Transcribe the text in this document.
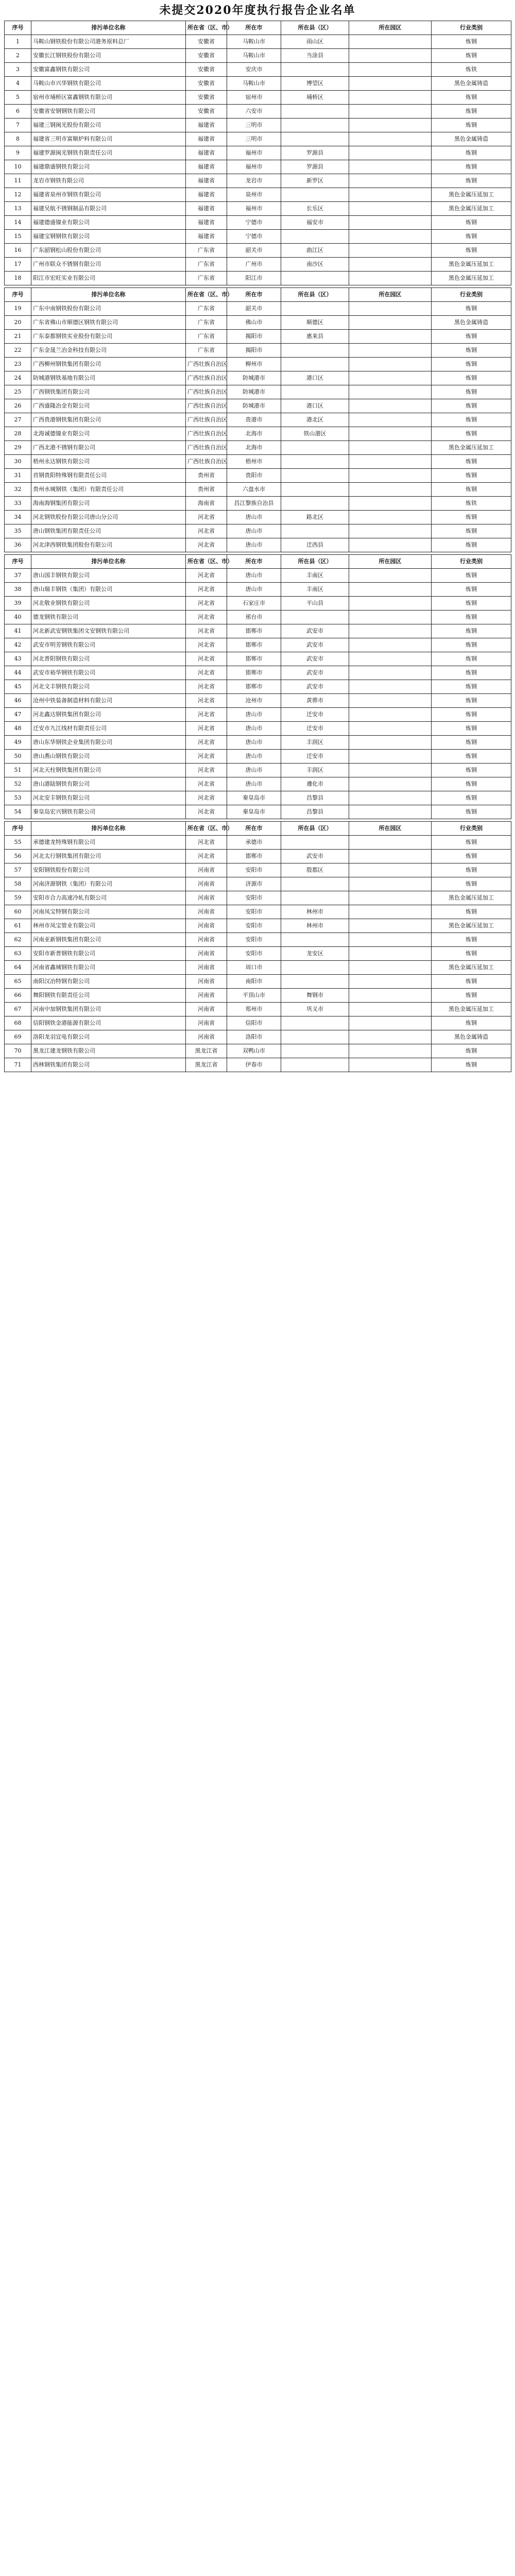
未提交2020年度执行报告企业名单
序号	排污单位名称	所在省（区、市）	所在市	所在县（区）	所在园区	行业类别
1	马鞍山钢铁股份有限公司港务原料总厂	安徽省	马鞍山市	雨山区		炼钢
2	安徽长江钢铁股份有限公司	安徽省	马鞍山市	当涂县		炼钢
3	安徽富鑫钢铁有限公司	安徽省	安庆市			炼铁
4	马鞍山市兴华钢铁有限公司	安徽省	马鞍山市	博望区		黑色金属铸造
5	宿州市埇桥区富鑫钢铁有限公司	安徽省	宿州市	埇桥区		炼钢
6	安徽省安钢钢铁有限公司	安徽省	六安市			炼钢
7	福建三钢闽光股份有限公司	福建省	三明市			炼钢
8	福建省三明市富顺炉料有限公司	福建省	三明市			黑色金属铸造
9	福建罗源闽光钢铁有限责任公司	福建省	福州市	罗源县		炼钢
10	福建鼎盛钢铁有限公司	福建省	福州市	罗源县		炼钢
11	龙岩市钢铁有限公司	福建省	龙岩市	新罗区		炼钢
12	福建省泉州市钢铁有限公司	福建省	泉州市			黑色金属压延加工
13	福建吴航不锈钢制品有限公司	福建省	福州市	长乐区		黑色金属压延加工
14	福建德盛镍业有限公司	福建省	宁德市	福安市		炼钢
15	福建宝钢钢铁有限公司	福建省	宁德市			炼钢
16	广东韶钢松山股份有限公司	广东省	韶关市	曲江区		炼钢
17	广州市联众不锈钢有限公司	广东省	广州市	南沙区		黑色金属压延加工
18	阳江市宏旺实业有限公司	广东省	阳江市			黑色金属压延加工

序号	排污单位名称	所在省（区、市）	所在市	所在县（区）	所在园区	行业类别
19	广东中南钢铁股份有限公司	广东省	韶关市			炼钢
20	广东省佛山市顺德区钢铁有限公司	广东省	佛山市	顺德区		黑色金属铸造
21	广东泰都钢铁实业股份有限公司	广东省	揭阳市	惠来县		炼钢
22	广东金晟兰冶金科技有限公司	广东省	揭阳市			炼钢
23	广西柳州钢铁集团有限公司	广西壮族自治区	柳州市			炼钢
24	防城港钢铁基地有限公司	广西壮族自治区	防城港市	港口区		炼钢
25	广西钢铁集团有限公司	广西壮族自治区	防城港市			炼钢
26	广西盛隆冶金有限公司	广西壮族自治区	防城港市	港口区		炼钢
27	广西贵港钢铁集团有限公司	广西壮族自治区	贵港市	港北区		炼钢
28	北海诚德镍业有限公司	广西壮族自治区	北海市	铁山港区		炼钢
29	广西北港不锈钢有限公司	广西壮族自治区	北海市			黑色金属压延加工
30	梧州永达钢铁有限公司	广西壮族自治区	梧州市			炼钢
31	首钢贵阳特殊钢有限责任公司	贵州省	贵阳市			炼钢
32	贵州水城钢铁（集团）有限责任公司	贵州省	六盘水市			炼钢
33	海南海钢集团有限公司	海南省	昌江黎族自治县			炼铁
34	河北钢铁股份有限公司唐山分公司	河北省	唐山市	路北区		炼钢
35	唐山钢铁集团有限责任公司	河北省	唐山市			炼钢
36	河北津西钢铁集团股份有限公司	河北省	唐山市	迁西县		炼钢

序号	排污单位名称	所在省（区、市）	所在市	所在县（区）	所在园区	行业类别
37	唐山国丰钢铁有限公司	河北省	唐山市	丰南区		炼钢
38	唐山瑞丰钢铁（集团）有限公司	河北省	唐山市	丰南区		炼钢
39	河北敬业钢铁有限公司	河北省	石家庄市	平山县		炼钢
40	德龙钢铁有限公司	河北省	邢台市			炼钢
41	河北新武安钢铁集团文安钢铁有限公司	河北省	邯郸市	武安市		炼钢
42	武安市明芳钢铁有限公司	河北省	邯郸市	武安市		炼钢
43	河北普阳钢铁有限公司	河北省	邯郸市	武安市		炼钢
44	武安市裕华钢铁有限公司	河北省	邯郸市	武安市		炼钢
45	河北文丰钢铁有限公司	河北省	邯郸市	武安市		炼钢
46	沧州中铁装备制造材料有限公司	河北省	沧州市	黄骅市		炼钢
47	河北鑫达钢铁集团有限公司	河北省	唐山市	迁安市		炼钢
48	迁安市九江线材有限责任公司	河北省	唐山市	迁安市		炼钢
49	唐山东华钢铁企业集团有限公司	河北省	唐山市	丰润区		炼钢
50	唐山燕山钢铁有限公司	河北省	唐山市	迁安市		炼钢
51	河北天柱钢铁集团有限公司	河北省	唐山市	丰润区		炼钢
52	唐山港陆钢铁有限公司	河北省	唐山市	遵化市		炼钢
53	河北安丰钢铁有限公司	河北省	秦皇岛市	昌黎县		炼钢
54	秦皇岛宏兴钢铁有限公司	河北省	秦皇岛市	昌黎县		炼钢

序号	排污单位名称	所在省（区、市）	所在市	所在县（区）	所在园区	行业类别
55	承德建龙特殊钢有限公司	河北省	承德市			炼钢
56	河北太行钢铁集团有限公司	河北省	邯郸市	武安市		炼钢
57	安阳钢铁股份有限公司	河南省	安阳市	殷都区		炼钢
58	河南济源钢铁（集团）有限公司	河南省	济源市			炼钢
59	安阳市合力高速冷轧有限公司	河南省	安阳市			黑色金属压延加工
60	河南凤宝特钢有限公司	河南省	安阳市	林州市		炼钢
61	林州市凤宝管业有限公司	河南省	安阳市	林州市		黑色金属压延加工
62	河南亚新钢铁集团有限公司	河南省	安阳市			炼钢
63	安阳市新普钢铁有限公司	河南省	安阳市	龙安区		炼钢
64	河南省鑫城钢铁有限公司	河南省	周口市			黑色金属压延加工
65	南阳汉冶特钢有限公司	河南省	南阳市			炼钢
66	舞阳钢铁有限责任公司	河南省	平顶山市	舞钢市		炼钢
67	河南中加钢铁集团有限公司	河南省	郑州市	巩义市		黑色金属压延加工
68	信阳钢铁金港能源有限公司	河南省	信阳市			炼钢
69	洛阳龙羽宜电有限公司	河南省	洛阳市			黑色金属铸造
70	黑龙江建龙钢铁有限公司	黑龙江省	双鸭山市			炼钢
71	西林钢铁集团有限公司	黑龙江省	伊春市			炼钢
